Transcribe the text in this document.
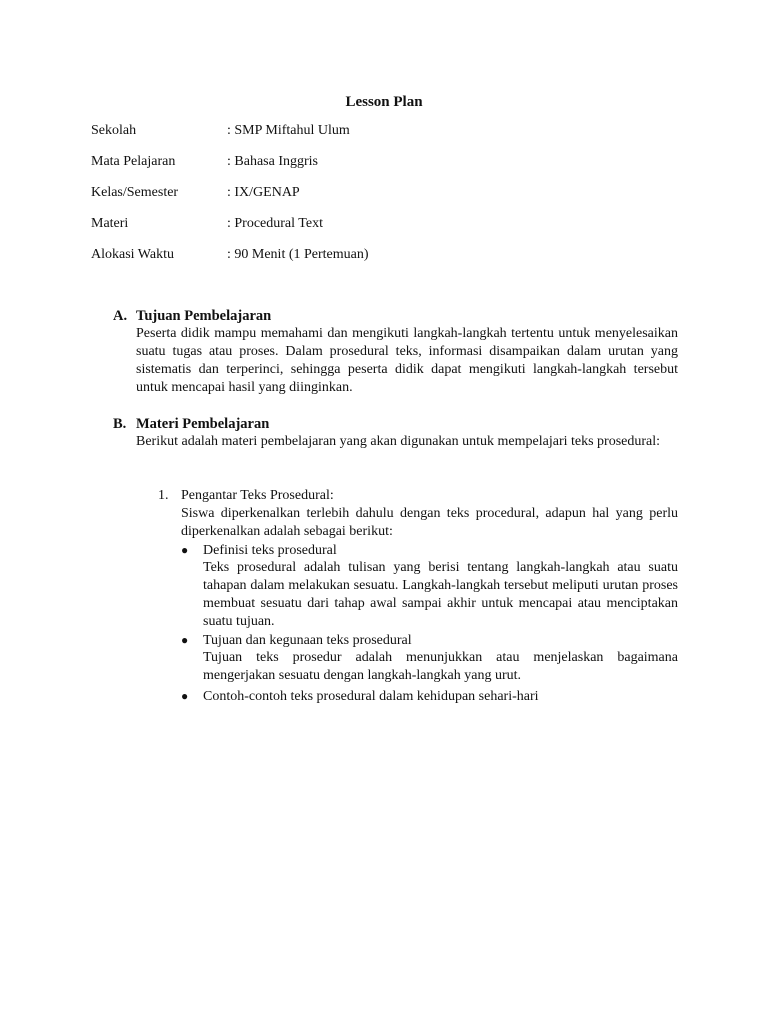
Lesson Plan
Sekolah	: SMP Miftahul Ulum
Mata Pelajaran	: Bahasa Inggris
Kelas/Semester	: IX/GENAP
Materi	: Procedural Text
Alokasi Waktu	: 90 Menit (1 Pertemuan)
A. Tujuan Pembelajaran
Peserta didik mampu memahami dan mengikuti langkah-langkah tertentu untuk menyelesaikan suatu tugas atau proses. Dalam prosedural teks, informasi disampaikan dalam urutan yang sistematis dan terperinci, sehingga peserta didik dapat mengikuti langkah-langkah tersebut untuk mencapai hasil yang diinginkan.
B. Materi Pembelajaran
Berikut adalah materi pembelajaran yang akan digunakan untuk mempelajari teks prosedural:
1. Pengantar Teks Prosedural:
Siswa diperkenalkan terlebih dahulu dengan teks procedural, adapun hal yang perlu diperkenalkan adalah sebagai berikut:
● Definisi teks prosedural
Teks prosedural adalah tulisan yang berisi tentang langkah-langkah atau suatu tahapan dalam melakukan sesuatu. Langkah-langkah tersebut meliputi urutan proses membuat sesuatu dari tahap awal sampai akhir untuk mencapai atau menciptakan suatu tujuan.
● Tujuan dan kegunaan teks prosedural
Tujuan teks prosedur adalah menunjukkan atau menjelaskan bagaimana mengerjakan sesuatu dengan langkah-langkah yang urut.
● Contoh-contoh teks prosedural dalam kehidupan sehari-hari
